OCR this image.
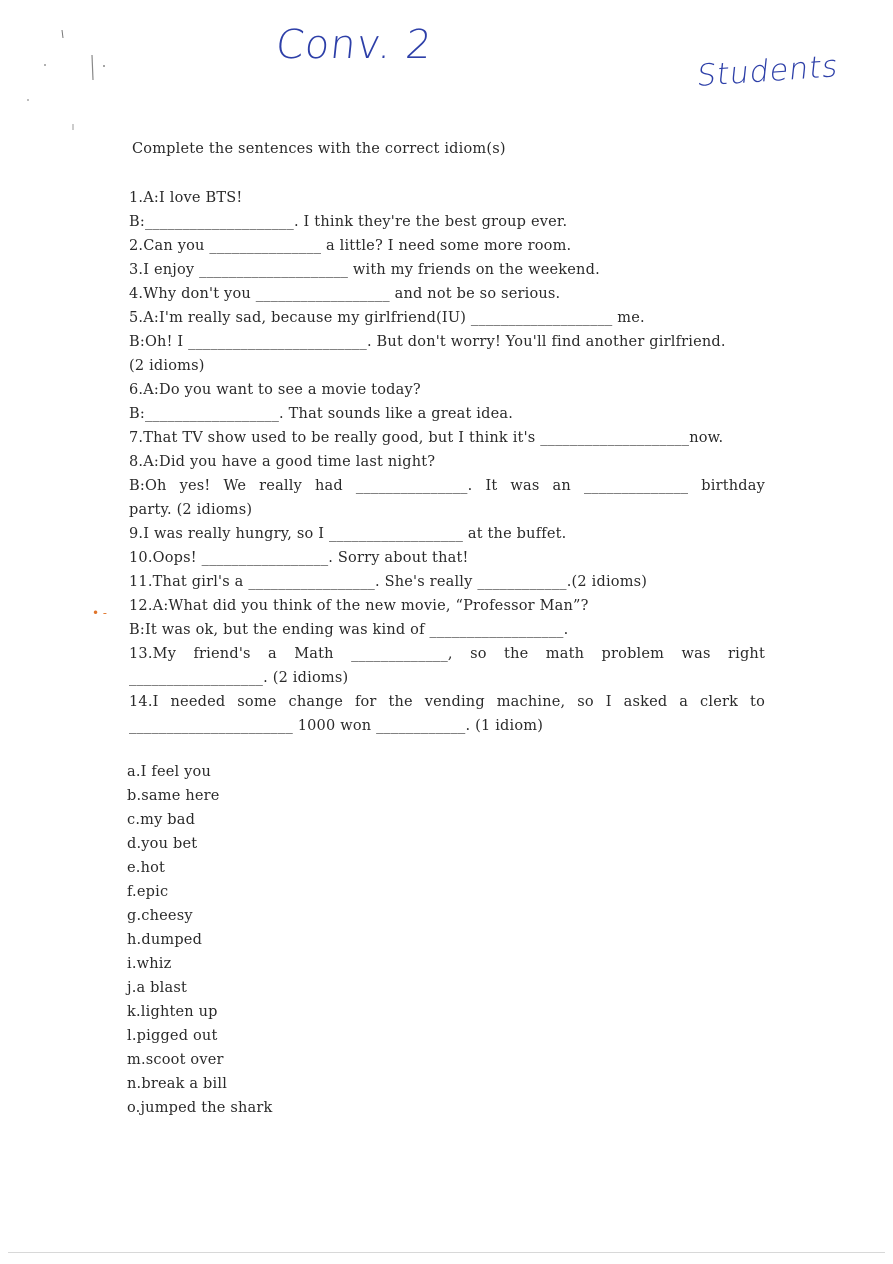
Conv. 2
Students
Complete the sentences with the correct idiom(s)
1.A:I love BTS!
B:____________________. I think they're the best group ever.
2.Can you _______________ a little? I need some more room.
3.I enjoy ____________________ with my friends on the weekend.
4.Why don't you __________________ and not be so serious.
5.A:I'm really sad, because my girlfriend(IU) ___________________ me.
B:Oh! I ________________________. But don't worry! You'll find another girlfriend.
(2 idioms)
6.A:Do you want to see a movie today?
B:__________________. That sounds like a great idea.
7.That TV show used to be really good, but I think it's ____________________now.
8.A:Did you have a good time last night?
B:Oh yes! We really had _______________. It was an ______________ birthday
party. (2 idioms)
9.I was really hungry, so I __________________ at the buffet.
10.Oops! _________________. Sorry about that!
11.That girl's a _________________. She's really ____________.(2 idioms)
12.A:What did you think of the new movie, “Professor Man”?
B:It was ok, but the ending was kind of __________________.
13.My friend's a Math _____________, so the math problem was right
__________________. (2 idioms)
14.I needed some change for the vending machine, so I asked a clerk to
______________________ 1000 won ____________. (1 idiom)
• -
a.I feel you
b.same here
c.my bad
d.you bet
e.hot
f.epic
g.cheesy
h.dumped
i.whiz
j.a blast
k.lighten up
l.pigged out
m.scoot over
n.break a bill
o.jumped the shark
